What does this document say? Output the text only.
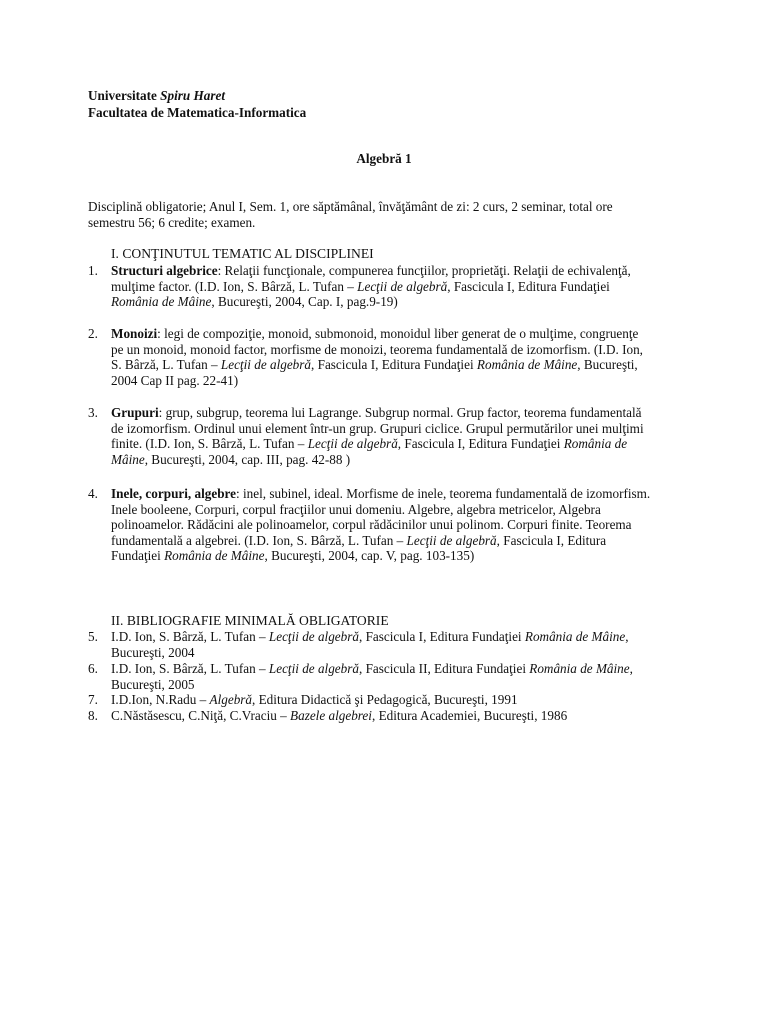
Universitate Spiru Haret
Facultatea de Matematica-Informatica
Algebră 1
Disciplină obligatorie; Anul I, Sem. 1, ore săptămânal, învăţământ de zi: 2 curs, 2 seminar, total ore
semestru 56; 6 credite; examen.
I. CONŢINUTUL TEMATIC AL DISCIPLINEI
1. Structuri algebrice: Relaţii funcţionale, compunerea funcţiilor, proprietăţi. Relaţii de echivalenţă,
mulţime factor. (I.D. Ion, S. Bârză, L. Tufan – Lecţii de algebră, Fascicula I, Editura Fundaţiei
România de Mâine, Bucureşti, 2004, Cap. I, pag.9-19)
2. Monoizi: legi de compoziţie, monoid, submonoid, monoidul liber generat de o mulţime, congruenţe
pe un monoid, monoid factor, morfisme de monoizi, teorema fundamentală de izomorfism. (I.D. Ion,
S. Bârză, L. Tufan – Lecţii de algebră, Fascicula I, Editura Fundaţiei România de Mâine, Bucureşti,
2004 Cap II pag. 22-41)
3. Grupuri: grup, subgrup, teorema lui Lagrange. Subgrup normal. Grup factor, teorema fundamentală
de izomorfism. Ordinul unui element într-un grup. Grupuri ciclice. Grupul permutărilor unei mulţimi
finite. (I.D. Ion, S. Bârză, L. Tufan – Lecţii de algebră, Fascicula I, Editura Fundaţiei România de
Mâine, Bucureşti, 2004, cap. III, pag. 42-88 )
4. Inele, corpuri, algebre: inel, subinel, ideal. Morfisme de inele, teorema fundamentală de izomorfism.
Inele booleene, Corpuri, corpul fracţiilor unui domeniu. Algebre, algebra metricelor, Algebra
polinoamelor. Rădăcini ale polinoamelor, corpul rădăcinilor unui polinom. Corpuri finite. Teorema
fundamentală a algebrei. (I.D. Ion, S. Bârză, L. Tufan – Lecţii de algebră, Fascicula I, Editura
Fundaţiei România de Mâine, Bucureşti, 2004, cap. V, pag. 103-135)
II. BIBLIOGRAFIE MINIMALĂ OBLIGATORIE
5. I.D. Ion, S. Bârză, L. Tufan – Lecţii de algebră, Fascicula I, Editura Fundaţiei România de Mâine,
Bucureşti, 2004
6. I.D. Ion, S. Bârză, L. Tufan – Lecţii de algebră, Fascicula II, Editura Fundaţiei România de Mâine,
Bucureşti, 2005
7. I.D.Ion, N.Radu – Algebră, Editura Didactică şi Pedagogică, Bucureşti, 1991
8. C.Năstăsescu, C.Niţă, C.Vraciu – Bazele algebrei, Editura Academiei, Bucureşti, 1986
